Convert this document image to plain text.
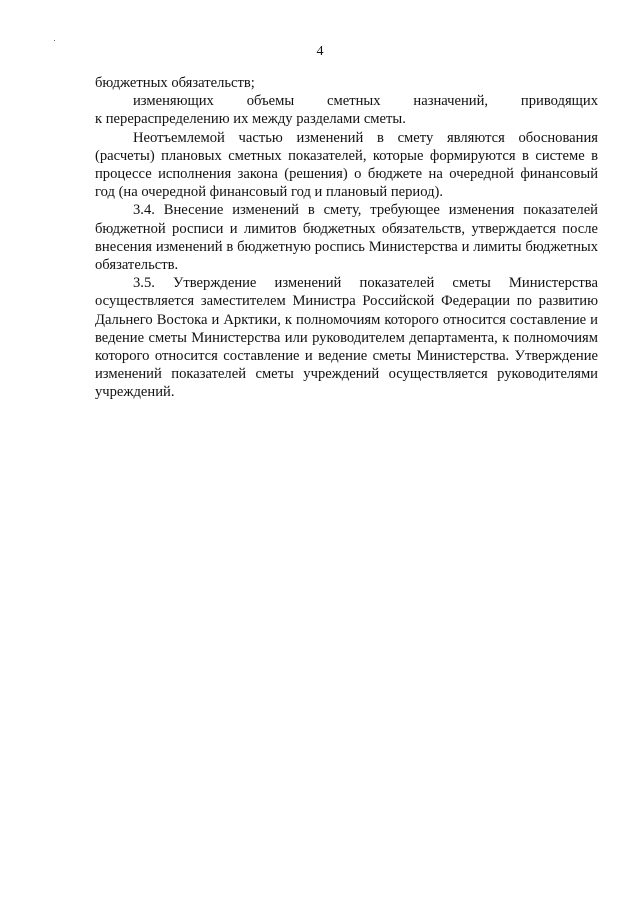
4

бюджетных обязательств;

изменяющих объемы сметных назначений, приводящих

к перераспределению их между разделами сметы.

Неотъемлемой частью изменений в смету являются обоснования (расчеты) плановых сметных показателей, которые формируются в системе в процессе исполнения закона (решения) о бюджете на очередной финансовый год (на очередной финансовый год и плановый период).

3.4. Внесение изменений в смету, требующее изменения показателей бюджетной росписи и лимитов бюджетных обязательств, утверждается после внесения изменений в бюджетную роспись Министерства и лимиты бюджетных обязательств.

3.5. Утверждение изменений показателей сметы Министерства осуществляется заместителем Министра Российской Федерации по развитию Дальнего Востока и Арктики, к полномочиям которого относится составление и ведение сметы Министерства или руководителем департамента, к полномочиям которого относится составление и ведение сметы Министерства. Утверждение изменений показателей сметы учреждений осуществляется руководителями учреждений.
